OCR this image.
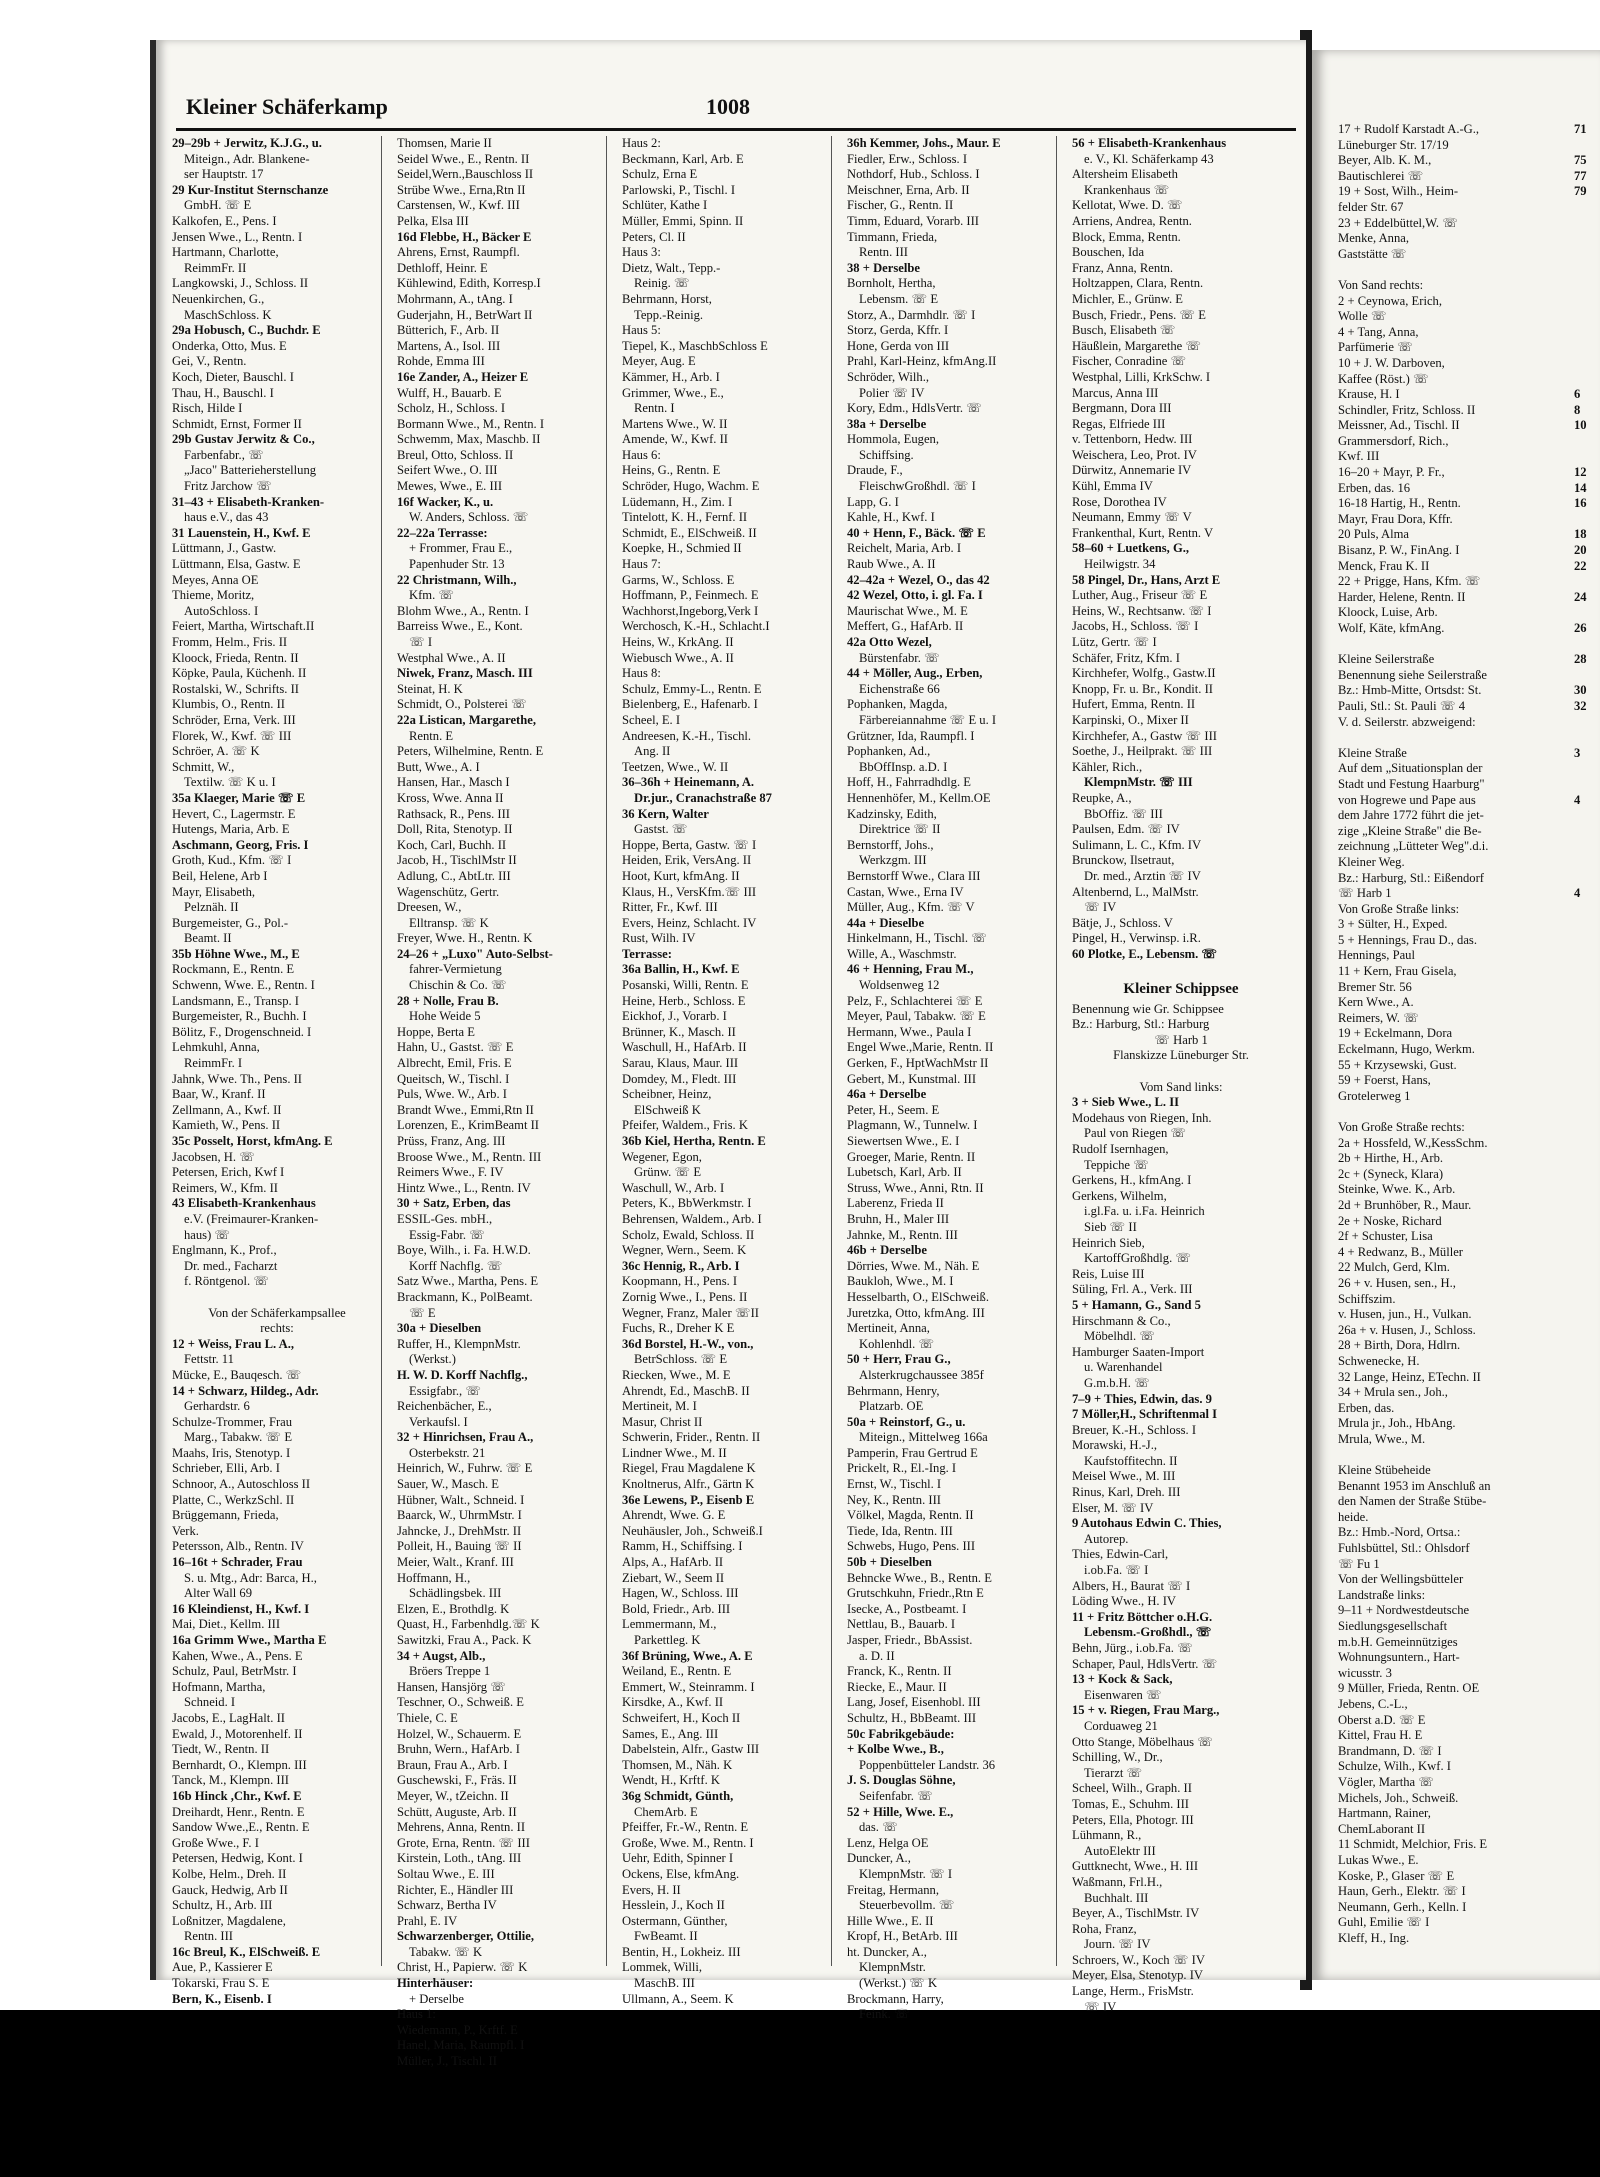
Kleiner Schäferkamp	1008
29–29b + Jerwitz, K.J.G., u.
Miteign., Adr. Blankene-
ser Hauptstr. 17
29 Kur-Institut Sternschanze
GmbH. ☏ E
Kalkofen, E., Pens. I
Jensen Wwe., L., Rentn. I
Hartmann, Charlotte,
ReimmFr. II
Langkowski, J., Schloss. II
Neuenkirchen, G.,
MaschSchloss. K
29a Hobusch, C., Buchdr. E
Onderka, Otto, Mus. E
Gei, V., Rentn.
Koch, Dieter, Bauschl. I
Thau, H., Bauschl. I
Risch, Hilde I
Schmidt, Ernst, Former II
29b Gustav Jerwitz & Co.,
Farbenfabr., ☏
„Jaco" Batterieherstellung
Fritz Jarchow ☏
31–43 + Elisabeth-Kranken-
haus e.V., das 43
31 Lauenstein, H., Kwf. E
Lüttmann, J., Gastw.
Lüttmann, Elsa, Gastw. E
Meyes, Anna OE
Thieme, Moritz,
AutoSchloss. I
Feiert, Martha, Wirtschaft.II
Fromm, Helm., Fris. II
Kloock, Frieda, Rentn. II
Köpke, Paula, Küchenh. II
Rostalski, W., Schrifts. II
Klumbis, O., Rentn. II
Schröder, Erna, Verk. III
Florek, W., Kwf. ☏ III
Schröer, A. ☏ K
Schmitt, W.,
Textilw. ☏ K u. I
35a Klaeger, Marie ☏ E
Hevert, C., Lagermstr. E
Hutengs, Maria, Arb. E
Aschmann, Georg, Fris. I
Groth, Kud., Kfm. ☏ I
Beil, Helene, Arb I
Mayr, Elisabeth,
Pelznäh. II
Burgemeister, G., Pol.-
Beamt. II
35b Höhne Wwe., M., E
Rockmann, E., Rentn. E
Schwenn, Wwe. E., Rentn. I
Landsmann, E., Transp. I
Burgemeister, R., Buchh. I
Bölitz, F., Drogenschneid. I
Lehmkuhl, Anna,
ReimmFr. I
Jahnk, Wwe. Th., Pens. II
Baar, W., Kranf. II
Zellmann, A., Kwf. II
Kamieth, W., Pens. II
35c Posselt, Horst, kfmAng. E
Jacobsen, H. ☏
Petersen, Erich, Kwf I
Reimers, W., Kfm. II
43 Elisabeth-Krankenhaus
e.V. (Freimaurer-Kranken-
haus) ☏
Englmann, K., Prof.,
Dr. med., Facharzt
f. Röntgenol. ☏

Von der Schäferkampsallee
rechts:
12 + Weiss, Frau L. A.,
Fettstr. 11
Mücke, E., Bauqesch. ☏
14 + Schwarz, Hildeg., Adr.
Gerhardstr. 6
Schulze-Trommer, Frau
Marg., Tabakw. ☏ E
Maahs, Iris, Stenotyp. I
Schrieber, Elli, Arb. I
Schnoor, A., Autoschloss II
Platte, C., WerkzSchl. II
Brüggemann, Frieda,
Verk.
Petersson, Alb., Rentn. IV
16–16t + Schrader, Frau
S. u. Mtg., Adr: Barca, H.,
Alter Wall 69
16 Kleindienst, H., Kwf. I
Mai, Diet., Kellm. III
16a Grimm Wwe., Martha E
Kahen, Wwe., A., Pens. E
Schulz, Paul, BetrMstr. I
Hofmann, Martha,
Schneid. I
Jacobs, E., LagHalt. II
Ewald, J., Motorenhelf. II
Tiedt, W., Rentn. II
Bernhardt, O., Klempn. III
Tanck, M., Klempn. III
16b Hinck ,Chr., Kwf. E
Dreihardt, Henr., Rentn. E
Sandow Wwe.,E., Rentn. E
Große Wwe., F. I
Petersen, Hedwig, Kont. I
Kolbe, Helm., Dreh. II
Gauck, Hedwig, Arb II
Schultz, H., Arb. III
Loßnitzer, Magdalene,
Rentn. III
16c Breul, K., ElSchweiß. E
Aue, P., Kassierer E
Tokarski, Frau S. E
Bern, K., Eisenb. I
Thomsen, Marie II
Seidel Wwe., E., Rentn. II
Seidel,Wern.,Bauschloss II
Strübe Wwe., Erna,Rtn II
Carstensen, W., Kwf. III
Pelka, Elsa III
16d Flebbe, H., Bäcker E
Ahrens, Ernst, Raumpfl.
Dethloff, Heinr. E
Kühlewind, Edith, Korresp.I
Mohrmann, A., tAng. I
Guderjahn, H., BetrWart II
Bütterich, F., Arb. II
Martens, A., Isol. III
Rohde, Emma III
16e Zander, A., Heizer E
Wulff, H., Bauarb. E
Scholz, H., Schloss. I
Bormann Wwe., M., Rentn. I
Schwemm, Max, Maschb. II
Breul, Otto, Schloss. II
Seifert Wwe., O. III
Mewes, Wwe., E. III
16f Wacker, K., u.
W. Anders, Schloss. ☏
22–22a Terrasse:
+ Frommer, Frau E.,
Papenhuder Str. 13
22 Christmann, Wilh.,
Kfm. ☏
Blohm Wwe., A., Rentn. I
Barreiss Wwe., E., Kont.
☏ I
Westphal Wwe., A. II
Niwek, Franz, Masch. III
Steinat, H. K
Schmidt, O., Polsterei ☏
22a Listican, Margarethe,
Rentn. E
Peters, Wilhelmine, Rentn. E
Butt, Wwe., A. I
Hansen, Har., Masch I
Kross, Wwe. Anna II
Rathsack, R., Pens. III
Doll, Rita, Stenotyp. II
Koch, Carl, Buchh. II
Jacob, H., TischlMstr II
Adlung, C., AbtLtr. III
Wagenschütz, Gertr.
Dreesen, W.,
Elltransp. ☏ K
Freyer, Wwe. H., Rentn. K
24–26 + „Luxo" Auto-Selbst-
fahrer-Vermietung
Chischin & Co. ☏
28 + Nolle, Frau B.
Hohe Weide 5
Hoppe, Berta E
Hahn, U., Gastst. ☏ E
Albrecht, Emil, Fris. E
Queitsch, W., Tischl. I
Puls, Wwe. W., Arb. I
Brandt Wwe., Emmi,Rtn II
Lorenzen, E., KrimBeamt II
Prüss, Franz, Ang. III
Broose Wwe., M., Rentn. III
Reimers Wwe., F. IV
Hintz Wwe., L., Rentn. IV
30 + Satz, Erben, das
ESSIL-Ges. mbH.,
Essig-Fabr. ☏
Boye, Wilh., i. Fa. H.W.D.
Korff Nachflg. ☏
Satz Wwe., Martha, Pens. E
Brackmann, K., PolBeamt.
☏ E
30a + Dieselben
Ruffer, H., KlempnMstr.
(Werkst.)
H. W. D. Korff Nachflg.,
Essigfabr., ☏
Reichenbächer, E.,
Verkaufsl. I
32 + Hinrichsen, Frau A.,
Osterbekstr. 21
Heinrich, W., Fuhrw. ☏ E
Sauer, W., Masch. E
Hübner, Walt., Schneid. I
Baarck, W., UhrmMstr. I
Jahncke, J., DrehMstr. II
Polleit, H., Bauing ☏ II
Meier, Walt., Kranf. III
Hoffmann, H.,
Schädlingsbek. III
Elzen, E., Brothdlg. K
Quast, H., Farbenhdlg.☏ K
Sawitzki, Frau A., Pack. K
34 + Augst, Alb.,
Bröers Treppe 1
Hansen, Hansjörg ☏
Teschner, O., Schweiß. E
Thiele, C. E
Holzel, W., Schauerm. E
Bruhn, Wern., HafArb. I
Braun, Frau A., Arb. I
Guschewski, F., Fräs. II
Meyer, W., tZeichn. II
Schütt, Auguste, Arb. II
Mehrens, Anna, Rentn. II
Grote, Erna, Rentn. ☏ III
Kirstein, Loth., tAng. III
Soltau Wwe., E. III
Richter, E., Händler III
Schwarz, Bertha IV
Prahl, E. IV
Schwarzenberger, Ottilie,
Tabakw. ☏ K
Christ, H., Papierw. ☏ K
Hinterhäuser:
+ Derselbe
Haus 1:
Wiedemann, P., Krftf. E
Hanel, Maria, Raumpfl. I
Müller, J., Tischl. II
Haus 2:
Beckmann, Karl, Arb. E
Schulz, Erna E
Parlowski, P., Tischl. I
Schlüter, Kathe I
Müller, Emmi, Spinn. II
Peters, Cl. II
Haus 3:
Dietz, Walt., Tepp.-
Reinig. ☏
Behrmann, Horst,
Tepp.-Reinig.
Haus 5:
Tiepel, K., MaschbSchloss E
Meyer, Aug. E
Kämmer, H., Arb. I
Grimmer, Wwe., E.,
Rentn. I
Martens Wwe., W. II
Amende, W., Kwf. II
Haus 6:
Heins, G., Rentn. E
Schröder, Hugo, Wachm. E
Lüdemann, H., Zim. I
Tintelott, K. H., Fernf. II
Schmidt, E., ElSchweiß. II
Koepke, H., Schmied II
Haus 7:
Garms, W., Schloss. E
Hoffmann, P., Feinmech. E
Wachhorst,Ingeborg,Verk I
Werchosch, K.-H., Schlacht.I
Heins, W., KrkAng. II
Wiebusch Wwe., A. II
Haus 8:
Schulz, Emmy-L., Rentn. E
Bielenberg, E., Hafenarb. I
Scheel, E. I
Andreesen, K.-H., Tischl.
Ang. II
Teetzen, Wwe., W. II
36–36h + Heinemann, A.
Dr.jur., Cranachstraße 87
36 Kern, Walter
Gastst. ☏
Hoppe, Berta, Gastw. ☏ I
Heiden, Erik, VersAng. II
Hoot, Kurt, kfmAng. II
Klaus, H., VersKfm.☏ III
Ritter, Fr., Kwf. III
Evers, Heinz, Schlacht. IV
Rust, Wilh. IV
Terrasse:
36a Ballin, H., Kwf. E
Posanski, Willi, Rentn. E
Heine, Herb., Schloss. E
Eickhof, J., Vorarb. I
Brünner, K., Masch. II
Waschull, H., HafArb. II
Sarau, Klaus, Maur. III
Domdey, M., Fledt. III
Scheibner, Heinz,
ElSchweiß K
Pfeifer, Waldem., Fris. K
36b Kiel, Hertha, Rentn. E
Wegener, Egon,
Grünw. ☏ E
Waschull, W., Arb. I
Peters, K., BbWerkmstr. I
Behrensen, Waldem., Arb. I
Scholz, Ewald, Schloss. II
Wegner, Wern., Seem. K
36c Hennig, R., Arb. I
Koopmann, H., Pens. I
Zornig Wwe., I., Pens. II
Wegner, Franz, Maler ☏II
Fuchs, R., Dreher K E
36d Borstel, H.-W., von.,
BetrSchloss. ☏ E
Riecken, Wwe., M. E
Ahrendt, Ed., MaschB. II
Mertineit, M. I
Masur, Christ II
Schwerin, Frider., Rentn. II
Lindner Wwe., M. II
Riegel, Frau Magdalene K
Knoltnerus, Alfr., Gärtn K
36e Lewens, P., Eisenb E
Ahrendt, Wwe. G. E
Neuhäusler, Joh., Schweiß.I
Ramm, H., Schiffsing. I
Alps, A., HafArb. II
Ziebart, W., Seem II
Hagen, W., Schloss. III
Bold, Friedr., Arb. III
Lemmermann, M.,
Parkettleg. K
36f Brüning, Wwe., A. E
Weiland, E., Rentn. E
Emmert, W., Steinramm. I
Kirsdke, A., Kwf. II
Schweifert, H., Koch II
Sames, E., Ang. III
Dabelstein, Alfr., Gastw III
Thomsen, M., Näh. K
Wendt, H., Krftf. K
36g Schmidt, Günth,
ChemArb. E
Pfeiffer, Fr.-W., Rentn. E
Große, Wwe. M., Rentn. I
Uehr, Edith, Spinner I
Ockens, Else, kfmAng.
Evers, H. II
Hesslein, J., Koch II
Ostermann, Günther,
FwBeamt. II
Bentin, H., Lokheiz. III
Lommek, Willi,
MaschB. III
Ullmann, A., Seem. K
36h Kemmer, Johs., Maur. E
Fiedler, Erw., Schloss. I
Nothdorf, Hub., Schloss. I
Meischner, Erna, Arb. II
Fischer, G., Rentn. II
Timm, Eduard, Vorarb. III
Timmann, Frieda,
Rentn. III
38 + Derselbe
Bornholt, Hertha,
Lebensm. ☏ E
Storz, A., Darmhdlr. ☏ I
Storz, Gerda, Kffr. I
Hone, Gerda von III
Prahl, Karl-Heinz, kfmAng.II
Schröder, Wilh.,
Polier ☏ IV
Kory, Edm., HdlsVertr. ☏
38a + Derselbe
Hommola, Eugen,
Schiffsing.
Draude, F.,
FleischwGroßhdl. ☏ I
Lapp, G. I
Kahle, H., Kwf. I
40 + Henn, F., Bäck. ☏ E
Reichelt, Maria, Arb. I
Raub Wwe., A. II
42–42a + Wezel, O., das 42
42 Wezel, Otto, i. gl. Fa. I
Maurischat Wwe., M. E
Meffert, G., HafArb. II
42a Otto Wezel,
Bürstenfabr. ☏
44 + Möller, Aug., Erben,
Eichenstraße 66
Pophanken, Magda,
Färbereiannahme ☏ E u. I
Grützner, Ida, Raumpfl. I
Pophanken, Ad.,
BbOffInsp. a.D. I
Hoff, H., Fahrradhdlg. E
Hennenhöfer, M., Kellm.OE
Kadzinsky, Edith,
Direktrice ☏ II
Bernstorff, Johs.,
Werkzgm. III
Bernstorff Wwe., Clara III
Castan, Wwe., Erna IV
Müller, Aug., Kfm. ☏ V
44a + Dieselbe
Hinkelmann, H., Tischl. ☏
Wille, A., Waschmstr.
46 + Henning, Frau M.,
Woldsenweg 12
Pelz, F., Schlachterei ☏ E
Meyer, Paul, Tabakw. ☏ E
Hermann, Wwe., Paula I
Engel Wwe.,Marie, Rentn. II
Gerken, F., HptWachMstr II
Gebert, M., Kunstmal. III
46a + Derselbe
Peter, H., Seem. E
Plagmann, W., Tunnelw. I
Siewertsen Wwe., E. I
Groeger, Marie, Rentn. II
Lubetsch, Karl, Arb. II
Struss, Wwe., Anni, Rtn. II
Laberenz, Frieda II
Bruhn, H., Maler III
Jahnke, M., Rentn. III
46b + Derselbe
Dörries, Wwe. M., Näh. E
Baukloh, Wwe., M. I
Hesselbarth, O., ElSchweiß.
Juretzka, Otto, kfmAng. III
Mertineit, Anna,
Kohlenhdl. ☏
50 + Herr, Frau G.,
Alsterkrugchaussee 385f
Behrmann, Henry,
Platzarb. OE
50a + Reinstorf, G., u.
Miteign., Mittelweg 166a
Pamperin, Frau Gertrud E
Prickelt, R., El.-Ing. I
Ernst, W., Tischl. I
Ney, K., Rentn. III
Völkel, Magda, Rentn. II
Tiede, Ida, Rentn. III
Schwebs, Hugo, Pens. III
50b + Dieselben
Behncke Wwe., B., Rentn. E
Grutschkuhn, Friedr.,Rtn E
Isecke, A., Postbeamt. I
Nettlau, B., Bauarb. I
Jasper, Friedr., BbAssist.
a. D. II
Franck, K., Rentn. II
Riecke, E., Maur. II
Lang, Josef, Eisenhobl. III
Schultz, H., BbBeamt. III
50c Fabrikgebäude:
+ Kolbe Wwe., B.,
Poppenbütteler Landstr. 36
J. S. Douglas Söhne,
Seifenfabr. ☏
52 + Hille, Wwe. E.,
das. ☏
Lenz, Helga OE
Duncker, A.,
KlempnMstr. ☏ I
Freitag, Hermann,
Steuerbevollm. ☏
Hille Wwe., E. II
Kropf, H., BetArb. III
ht. Duncker, A.,
KlempnMstr.
(Werkst.) ☏ K
Brockmann, Harry,
Feink. ☏
56 + Elisabeth-Krankenhaus
e. V., Kl. Schäferkamp 43
Altersheim Elisabeth
Krankenhaus ☏
Kellotat, Wwe. D. ☏
Arriens, Andrea, Rentn.
Block, Emma, Rentn.
Bouschen, Ida
Franz, Anna, Rentn.
Holtzappen, Clara, Rentn.
Michler, E., Grünw. E
Busch, Friedr., Pens. ☏ E
Busch, Elisabeth ☏
Häußlein, Margarethe ☏
Fischer, Conradine ☏
Westphal, Lilli, KrkSchw. I
Marcus, Anna III
Bergmann, Dora III
Regas, Elfriede III
v. Tettenborn, Hedw. III
Weischera, Leo, Prot. IV
Dürwitz, Annemarie IV
Kühl, Emma IV
Rose, Dorothea IV
Neumann, Emmy ☏ V
Frankenthal, Kurt, Rentn. V
58–60 + Luetkens, G.,
Heilwigstr. 34
58 Pingel, Dr., Hans, Arzt E
Luther, Aug., Friseur ☏ E
Heins, W., Rechtsanw. ☏ I
Jacobs, H., Schloss. ☏ I
Lütz, Gertr. ☏ I
Schäfer, Fritz, Kfm. I
Kirchhefer, Wolfg., Gastw.II
Knopp, Fr. u. Br., Kondit. II
Hufert, Emma, Rentn. II
Karpinski, O., Mixer II
Kirchhefer, A., Gastw ☏ III
Soethe, J., Heilprakt. ☏ III
Kähler, Rich.,
KlempnMstr. ☏ III
Reupke, A.,
BbOffiz. ☏ III
Paulsen, Edm. ☏ IV
Sulimann, L. C., Kfm. IV
Brunckow, Ilsetraut,
Dr. med., Arztin ☏ IV
Altenbernd, L., MalMstr.
☏ IV
Bätje, J., Schloss. V
Pingel, H., Verwinsp. i.R.
60 Plotke, E., Lebensm. ☏

Kleiner Schippsee
Benennung wie Gr. Schippsee
Bz.: Harburg, Stl.: Harburg
☏ Harb 1
Flanskizze Lüneburger Str.

Vom Sand links:
3 + Sieb Wwe., L. II
Modehaus von Riegen, Inh.
Paul von Riegen ☏
Rudolf Isernhagen,
Teppiche ☏
Gerkens, H., kfmAng. I
Gerkens, Wilhelm,
i.gl.Fa. u. i.Fa. Heinrich
Sieb ☏ II
Heinrich Sieb,
KartoffGroßhdlg. ☏
Reis, Luise III
Süling, Frl. A., Verk. III
5 + Hamann, G., Sand 5
Hirschmann & Co.,
Möbelhdl. ☏
Hamburger Saaten-Import
u. Warenhandel
G.m.b.H. ☏
7–9 + Thies, Edwin, das. 9
7 Möller,H., Schriftenmal I
Breuer, K.-H., Schloss. I
Morawski, H.-J.,
Kaufstoffitechn. II
Meisel Wwe., M. III
Rinus, Karl, Dreh. III
Elser, M. ☏ IV
9 Autohaus Edwin C. Thies,
Autorep.
Thies, Edwin-Carl,
i.ob.Fa. ☏ I
Albers, H., Baurat ☏ I
Löding Wwe., H. IV
11 + Fritz Böttcher o.H.G.
Lebensm.-Großhdl., ☏
Behn, Jürg., i.ob.Fa. ☏
Schaper, Paul, HdlsVertr. ☏
13 + Kock & Sack,
Eisenwaren ☏
15 + v. Riegen, Frau Marg.,
Corduaweg 21
Otto Stange, Möbelhaus ☏
Schilling, W., Dr.,
Tierarzt ☏
Scheel, Wilh., Graph. II
Tomas, E., Schuhm. III
Peters, Ella, Photogr. III
Lühmann, R.,
AutoElektr III
Guttknecht, Wwe., H. III
Waßmann, Frl.H.,
Buchhalt. III
Beyer, A., TischlMstr. IV
Roha, Franz,
Journ. ☏ IV
Schroers, W., Koch ☏ IV
Meyer, Elsa, Stenotyp. IV
Lange, Herm., FrisMstr.
☏ IV
17 + Rudolf Karstadt A.-G.,
Lüneburger Str. 17/19
Beyer, Alb. K. M.,
Bautischlerei ☏
19 + Sost, Wilh., Heim-
felder Str. 67
23 + Eddelbüttel,W. ☏
Menke, Anna,
Gaststätte ☏

Von Sand rechts:
2 + Ceynowa, Erich,
Wolle ☏
4 + Tang, Anna,
Parfümerie ☏
10 + J. W. Darboven,
Kaffee (Röst.) ☏
Krause, H. I
Schindler, Fritz, Schloss. II
Meissner, Ad., Tischl. II
Grammersdorf, Rich.,
Kwf. III
16–20 + Mayr, P. Fr.,
Erben, das. 16
16-18 Hartig, H., Rentn.
Mayr, Frau Dora, Kffr.
20 Puls, Alma
Bisanz, P. W., FinAng. I
Menck, Frau K. II
22 + Prigge, Hans, Kfm. ☏
Harder, Helene, Rentn. II
Kloock, Luise, Arb.
Wolf, Käte, kfmAng.

Kleine Seilerstraße
Benennung siehe Seilerstraße
Bz.: Hmb-Mitte, Ortsdst: St.
Pauli, Stl.: St. Pauli ☏ 4
V. d. Seilerstr. abzweigend:

Kleine Straße
Auf dem „Situationsplan der
Stadt und Festung Haarburg"
von Hogrewe und Pape aus
dem Jahre 1772 führt die jet-
zige „Kleine Straße" die Be-
zeichnung „Lütteter Weg".d.i.
Kleiner Weg.
Bz.: Harburg, Stl.: Eißendorf
☏ Harb 1
Von Große Straße links:
3 + Sülter, H., Exped.
5 + Hennings, Frau D., das.
Hennings, Paul
11 + Kern, Frau Gisela,
Bremer Str. 56
Kern Wwe., A.
Reimers, W. ☏
19 + Eckelmann, Dora
Eckelmann, Hugo, Werkm.
55 + Krzysewski, Gust.
59 + Foerst, Hans,
Grotelerweg 1

Von Große Straße rechts:
2a + Hossfeld, W.,KessSchm.
2b + Hirthe, H., Arb.
2c + (Syneck, Klara)
Steinke, Wwe. K., Arb.
2d + Brunhöber, R., Maur.
2e + Noske, Richard
2f + Schuster, Lisa
4 + Redwanz, B., Müller
22 Mulch, Gerd, Klm.
26 + v. Husen, sen., H.,
Schiffszim.
v. Husen, jun., H., Vulkan.
26a + v. Husen, J., Schloss.
28 + Birth, Dora, Hdlrn.
Schwenecke, H.
32 Lange, Heinz, ETechn. II
34 + Mrula sen., Joh.,
Erben, das.
Mrula jr., Joh., HbAng.
Mrula, Wwe., M.

Kleine Stübeheide
Benannt 1953 im Anschluß an
den Namen der Straße Stübe-
heide.
Bz.: Hmb.-Nord, Ortsa.:
Fuhlsbüttel, Stl.: Ohlsdorf
☏ Fu 1
Von der Wellingsbütteler
Landstraße links:
9–11 + Nordwestdeutsche
Siedlungsgesellschaft
m.b.H. Gemeinnütziges
Wohnungsuntern., Hart-
wicusstr. 3
9 Müller, Frieda, Rentn. OE
Jebens, C.-L.,
Oberst a.D. ☏ E
Kittel, Frau H. E
Brandmann, D. ☏ I
Schulze, Wilh., Kwf. I
Vögler, Martha ☏
Michels, Joh., Schweiß.
Hartmann, Rainer,
ChemLaborant II
11 Schmidt, Melchior, Fris. E
Lukas Wwe., E.
Koske, P., Glaser ☏ E
Haun, Gerh., Elektr. ☏ I
Neumann, Gerh., Kelln. I
Guhl, Emilie ☏ I
Kleff, H., Ing.
71

75
77
79

6
8
10

12
14
16

18
20
22

24

26

28

30
32

3

4

4
